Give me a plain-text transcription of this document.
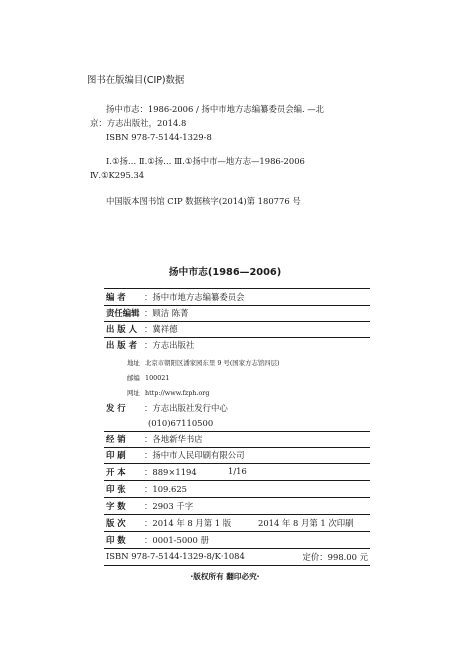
图书在版编目(CIP)数据
扬中市志：1986-2006 / 扬中市地方志编纂委员会编. —北
京：方志出版社，2014.8
ISBN 978-7-5144-1329-8
Ⅰ.①扬… Ⅱ.①扬… Ⅲ.①扬中市—地方志—1986-2006
Ⅳ.①K295.34
中国版本图书馆 CIP 数据核字(2014)第 180776 号
扬中市志(1986—2006)
编 者 ：扬中市地方志编纂委员会
责任编辑 ：顾洁 陈菁
出 版 人 ：冀祥德
出 版 者 ：方志出版社
地址 北京市朝阳区潘家园东里 9 号(国家方志馆四层)
邮编 100021
网址 http://www.fzph.org
发 行 ：方志出版社发行中心
(010)67110500
经 销 ：各地新华书店
印 刷 ：扬中市人民印刷有限公司
开 本 ：889×1194	1/16
印 张 ：109.625
字 数 ：2903 千字
版 次 ：2014 年 8 月第 1 版	2014 年 8 月第 1 次印刷
印 数 ：0001-5000 册
ISBN 978-7-5144-1329-8/K·1084	定价：998.00 元
·版权所有 翻印必究·
